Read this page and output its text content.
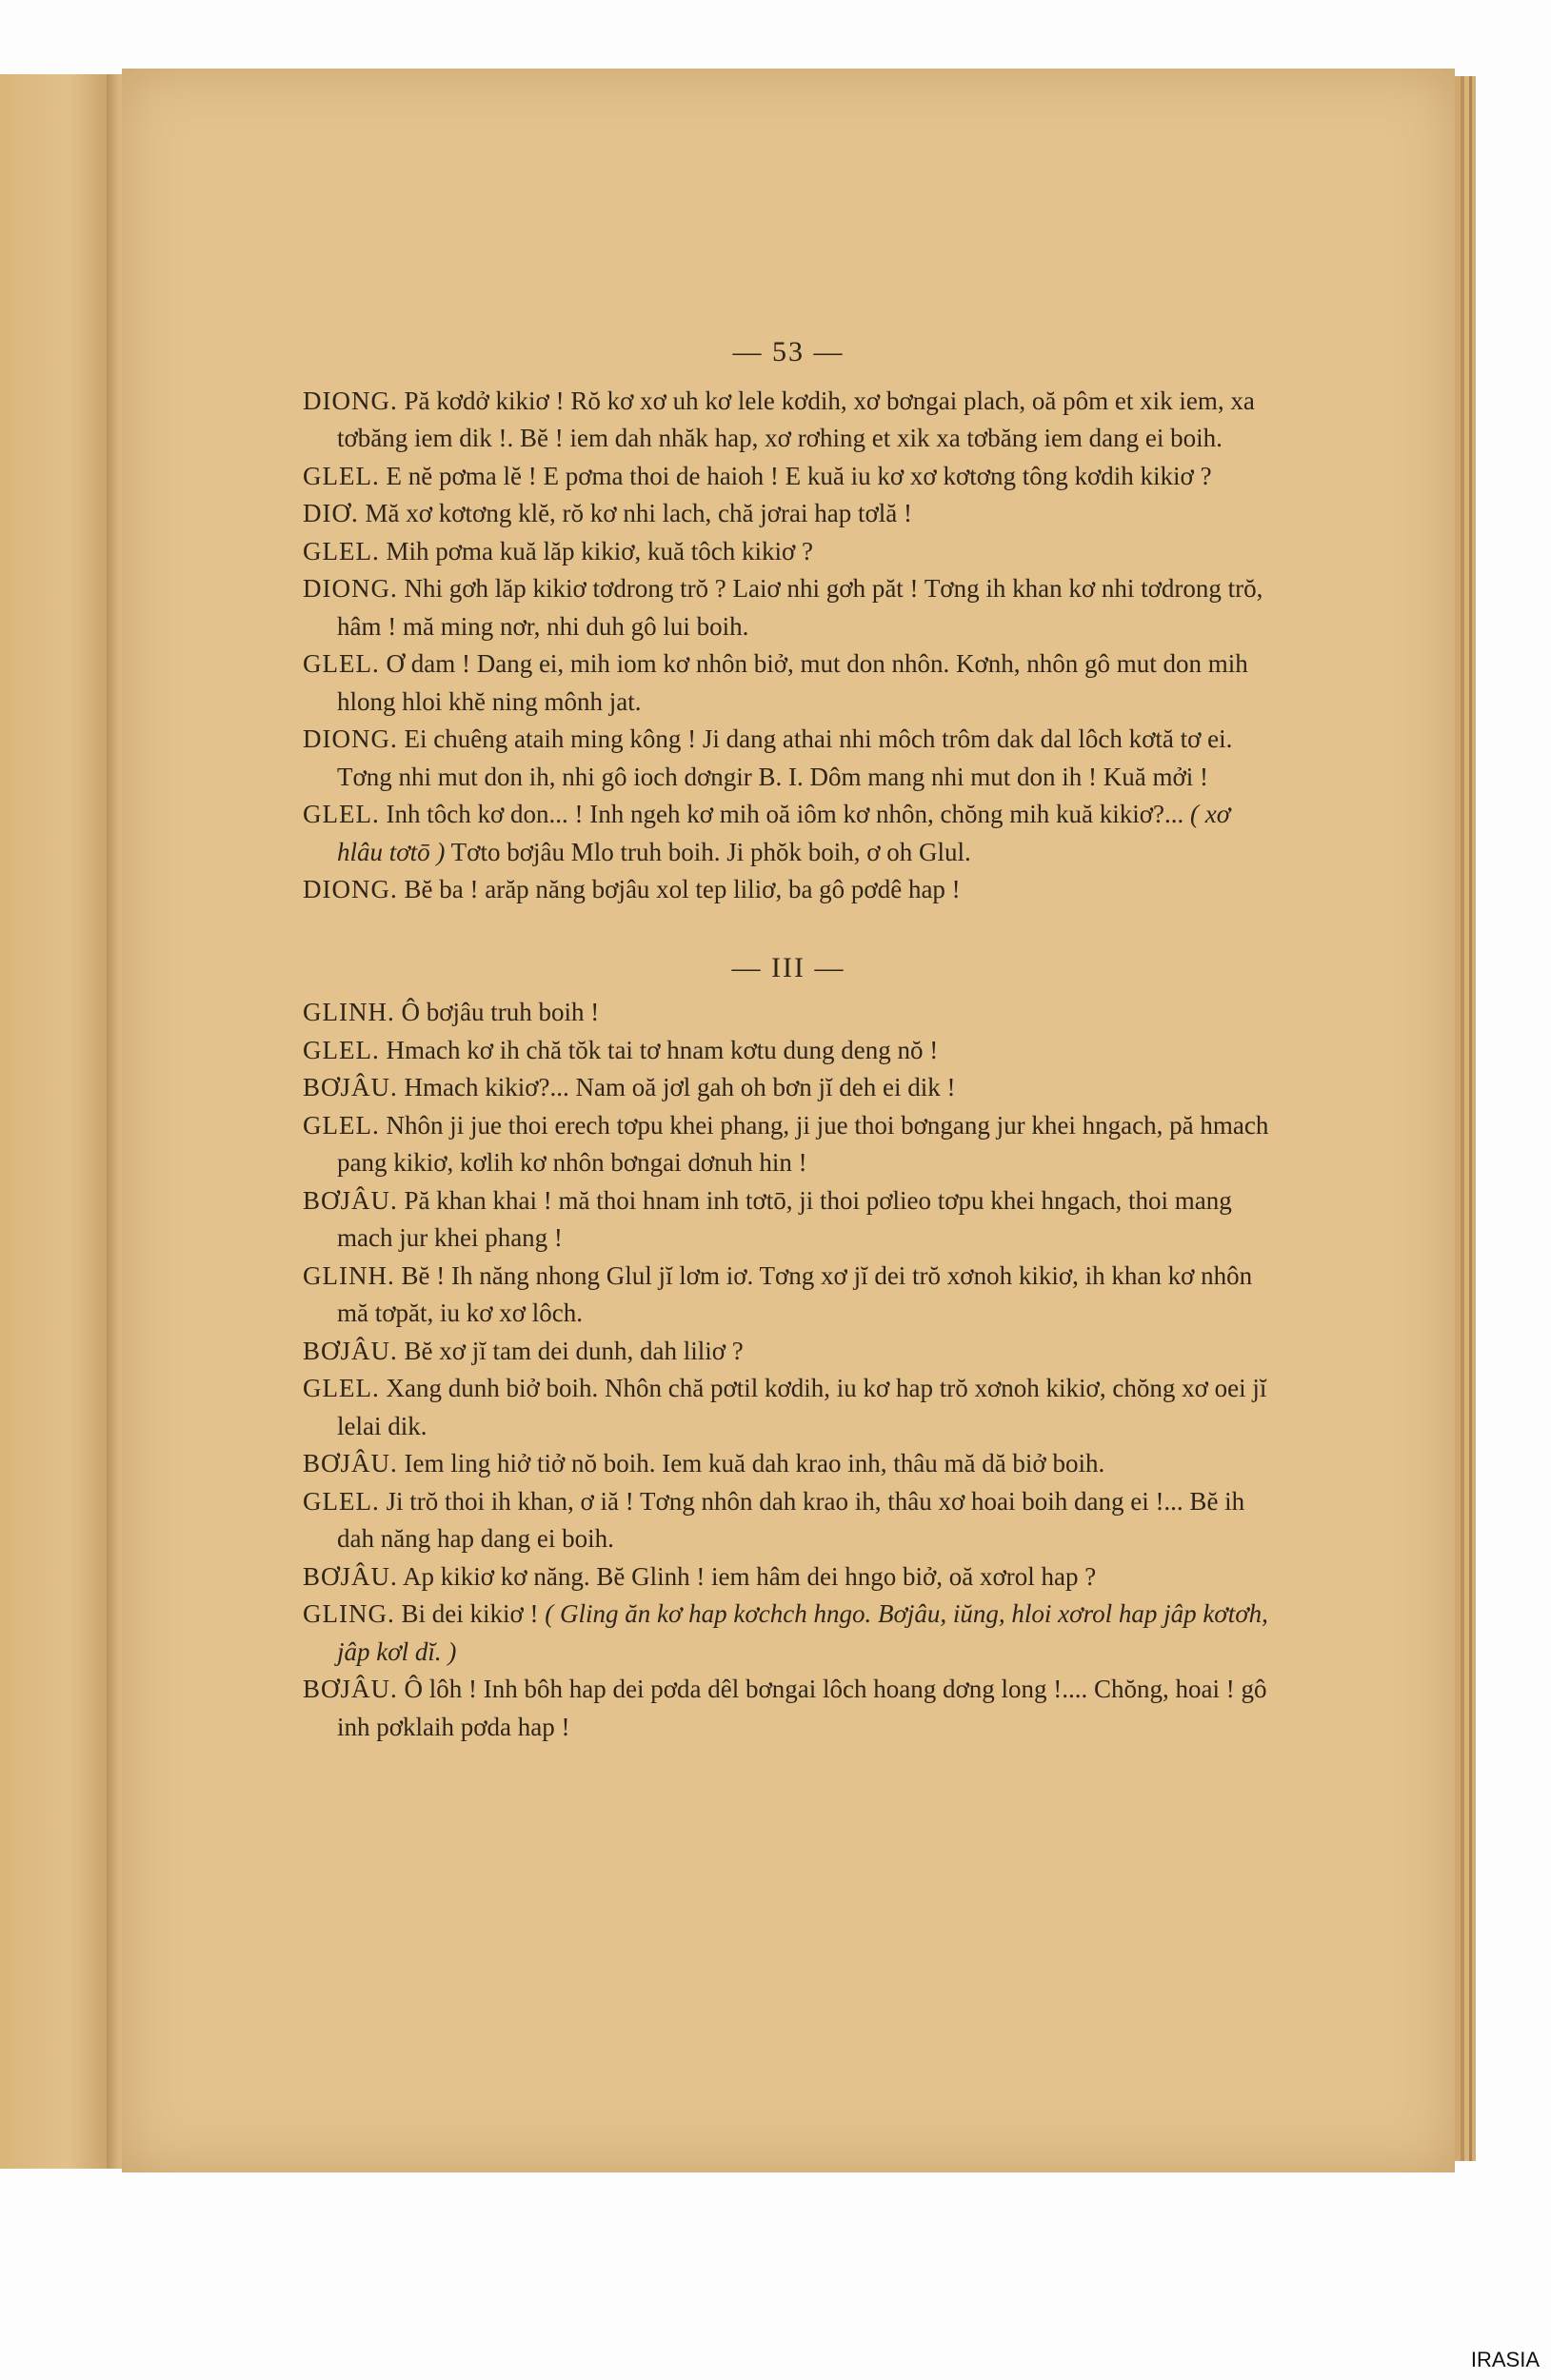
— 53 —

DIONG. Pă kơdở kikiơ ! Rŏ kơ xơ uh kơ lele kơdih, xơ bơngai plach, oă pôm et xik iem, xa tơbăng iem dik !. Bĕ ! iem dah nhăk hap, xơ rơhing et xik xa tơbăng iem dang ei boih.

GLEL. E nĕ pơma lĕ ! E pơma thoi de haioh ! E kuă iu kơ xơ kơtơng tông kơdih kikiơ ?

DIƠ. Mă xơ kơtơng klĕ, rŏ kơ nhi lach, chă jơrai hap tơlă !

GLEL. Mih pơma kuă lăp kikiơ, kuă tôch kikiơ ?

DIONG. Nhi gơh lăp kikiơ tơdrong trŏ ? Laiơ nhi gơh păt ! Tơng ih khan kơ nhi tơdrong trŏ, hâm ! mă ming nơr, nhi duh gô lui boih.

GLEL. Ơ dam ! Dang ei, mih iom kơ nhôn biở, mut don nhôn. Kơnh, nhôn gô mut don mih hlong hloi khĕ ning mônh jat.

DIONG. Ei chuêng ataih ming kông ! Ji dang athai nhi môch trôm dak dal lôch kơtă tơ ei. Tơng nhi mut don ih, nhi gô ioch dơngir B. I. Dôm mang nhi mut don ih ! Kuă mởi !

GLEL. Inh tôch kơ don... ! Inh ngeh kơ mih oă iôm kơ nhôn, chŏng mih kuă kikiơ?... ( xơ hlâu tơtō ) Tơto bơjâu Mlo truh boih. Ji phŏk boih, ơ oh Glul.

DIONG. Bĕ ba ! arăp năng bơjâu xol tep liliơ, ba gô pơdê hap !

— III —

GLINH. Ô bơjâu truh boih !

GLEL. Hmach kơ ih chă tŏk tai tơ hnam kơtu dung deng nŏ !

BƠJÂU. Hmach kikiơ?... Nam oă jơl gah oh bơn jĭ deh ei dik !

GLEL. Nhôn ji jue thoi erech tơpu khei phang, ji jue thoi bơngang jur khei hngach, pă hmach pang kikiơ, kơlih kơ nhôn bơngai dơnuh hin !

BƠJÂU. Pă khan khai ! mă thoi hnam inh tơtō, ji thoi pơlieo tơpu khei hngach, thoi mang mach jur khei phang !

GLINH. Bĕ ! Ih năng nhong Glul jĭ lơm iơ. Tơng xơ jĭ dei trŏ xơnoh kikiơ, ih khan kơ nhôn mă tơpăt, iu kơ xơ lôch.

BƠJÂU. Bĕ xơ jĭ tam dei dunh, dah liliơ ?

GLEL. Xang dunh biở boih. Nhôn chă pơtil kơdih, iu kơ hap trŏ xơnoh kikiơ, chŏng xơ oei jĭ lelai dik.

BƠJÂU. Iem ling hiở tiở nŏ boih. Iem kuă dah krao inh, thâu mă dă biở boih.

GLEL. Ji trŏ thoi ih khan, ơ iă ! Tơng nhôn dah krao ih, thâu xơ hoai boih dang ei !... Bĕ ih dah năng hap dang ei boih.

BƠJÂU. Ap kikiơ kơ năng. Bĕ Glinh ! iem hâm dei hngo biở, oă xơrol hap ?

GLING. Bi dei kikiơ ! ( Gling ăn kơ hap kơchch hngo. Bơjâu, iŭng, hloi xơrol hap jâp kơtơh, jâp kơl dĭ. )

BƠJÂU. Ô lôh ! Inh bôh hap dei pơda dêl bơngai lôch hoang dơng long !.... Chŏng, hoai ! gô inh pơklaih pơda hap !

IRASIA
